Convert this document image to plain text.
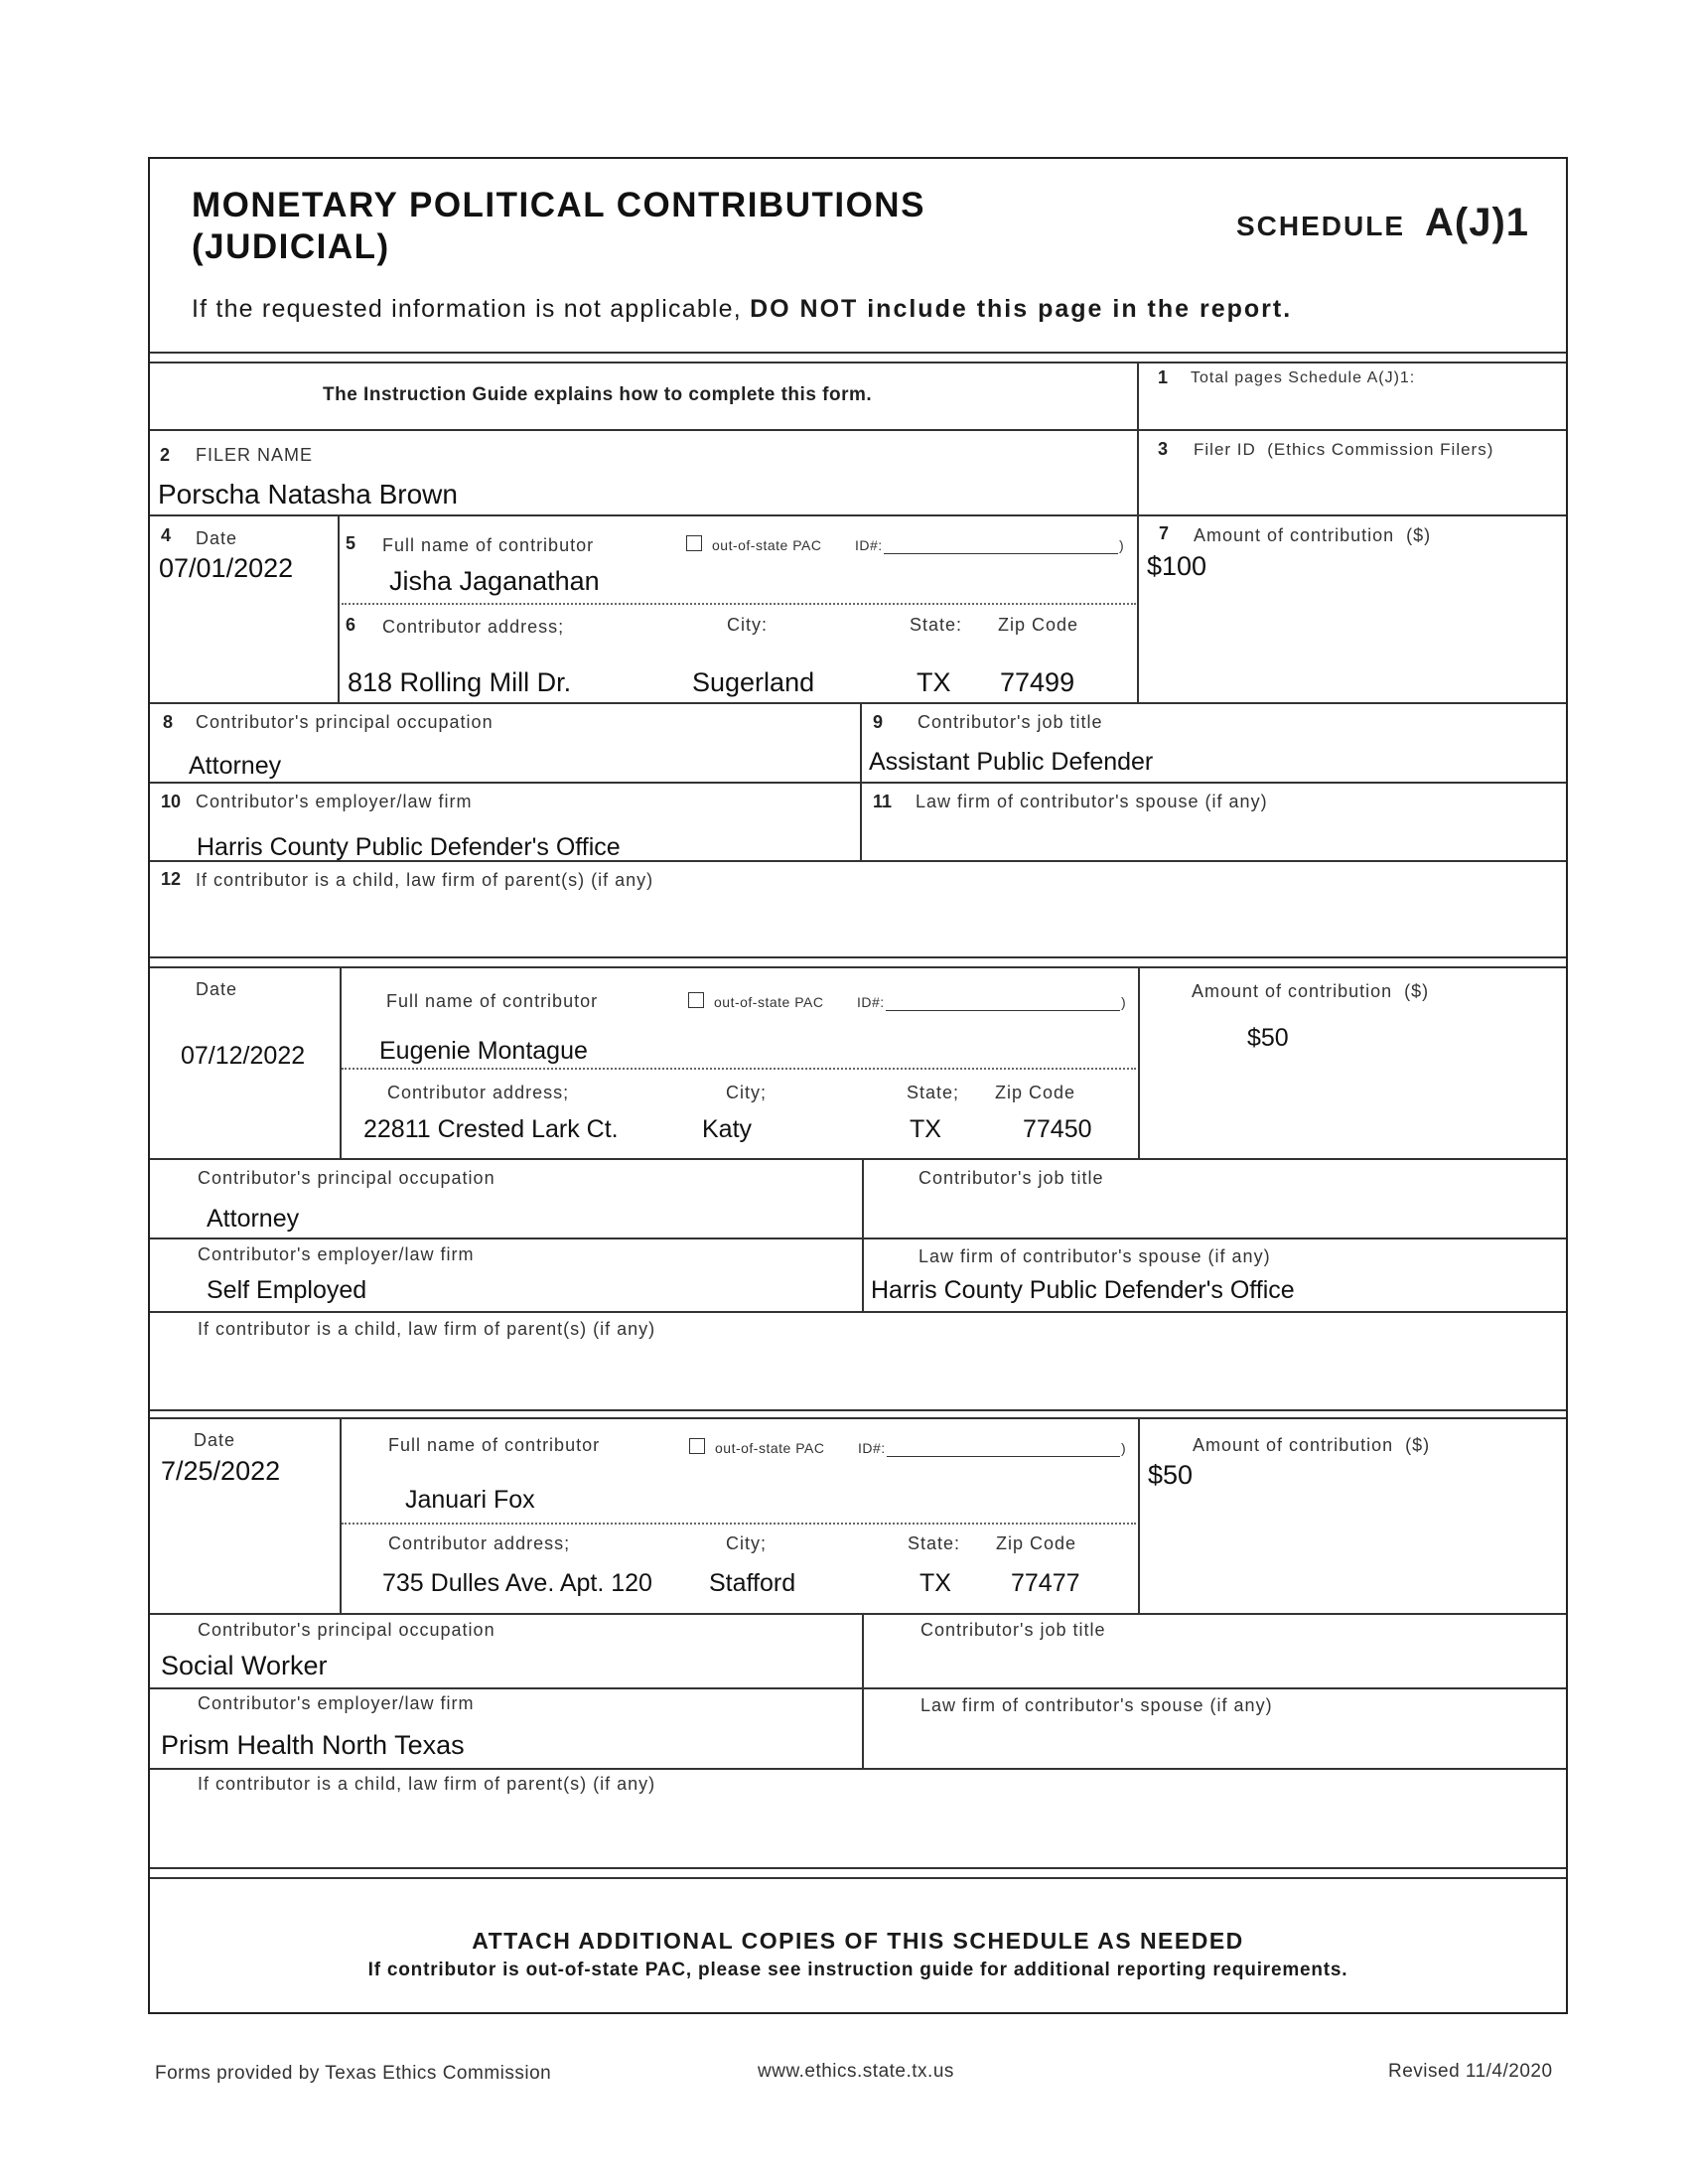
MONETARY POLITICAL CONTRIBUTIONS
(JUDICIAL)
SCHEDULE A(J)1
If the requested information is not applicable, DO NOT include this page in the report.
The Instruction Guide explains how to complete this form.
1 Total pages Schedule A(J)1:
2 FILER NAME
Porscha Natasha Brown
3 Filer ID (Ethics Commission Filers)
4 Date
07/01/2022
5 Full name of contributor	out-of-state PAC ID#:	)
Jisha Jaganathan
7 Amount of contribution ($)
$100
6 Contributor address;	City:	State: Zip Code
818 Rolling Mill Dr.	Sugerland	TX 77499
8 Contributor's principal occupation
Attorney
9 Contributor's job title
Assistant Public Defender
10 Contributor's employer/law firm
Harris County Public Defender's Office
11 Law firm of contributor's spouse (if any)
12 If contributor is a child, law firm of parent(s) (if any)
Date
07/12/2022
Full name of contributor	out-of-state PAC ID#:	)
Eugenie Montague
Amount of contribution ($)
$50
Contributor address;	City;	State; Zip Code
22811 Crested Lark Ct.	Katy	TX	77450
Contributor's principal occupation
Attorney
Contributor's job title
Contributor's employer/law firm
Self Employed
Law firm of contributor's spouse (if any)
Harris County Public Defender's Office
If contributor is a child, law firm of parent(s) (if any)
Date
7/25/2022
Full name of contributor	out-of-state PAC ID#:	)
Januari Fox
Amount of contribution ($)
$50
Contributor address;	City;	State: Zip Code
735 Dulles Ave. Apt. 120 Stafford	TX 77477
Contributor's principal occupation
Social Worker
Contributor's job title
Contributor's employer/law firm
Prism Health North Texas
Law firm of contributor's spouse (if any)
If contributor is a child, law firm of parent(s) (if any)
ATTACH ADDITIONAL COPIES OF THIS SCHEDULE AS NEEDED
If contributor is out-of-state PAC, please see instruction guide for additional reporting requirements.
Forms provided by Texas Ethics Commission	www.ethics.state.tx.us	Revised 11/4/2020
